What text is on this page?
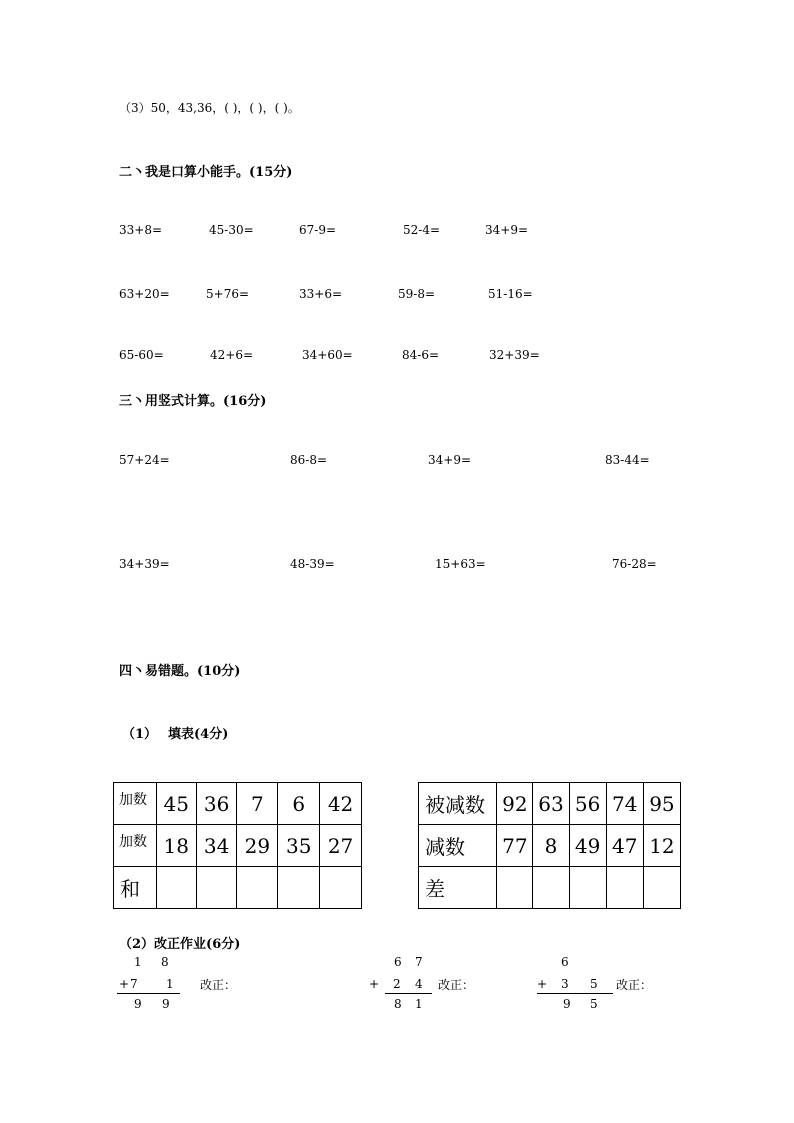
（3）50，43,36，( )，( )，( )。
二丶我是口算小能手。(15分)
33+8=	45-30=	67-9=	52-4=	34+9=
63+20=	5+76=	33+6=	59-8=	51-16=
65-60=	42+6=	34+60=	84-6=	32+39=
三丶用竖式计算。(16分)
57+24=	86-8=	34+9=	83-44=
34+39=	48-39=	15+63=	76-28=
四丶易错题。(10分)
（1） 填表(4分)
加数	45	36	7	6	42
加数	18	34	29	35	27
和					
被减数	92	63	56	74	95
减数	77	8	49	47	12
差					
（2）改正作业(6分)
1 8
+ 7 1
9 9
改正：
6 7
+ 2 4
8 1
改正：
6
+ 3 5
9 5
改正：
